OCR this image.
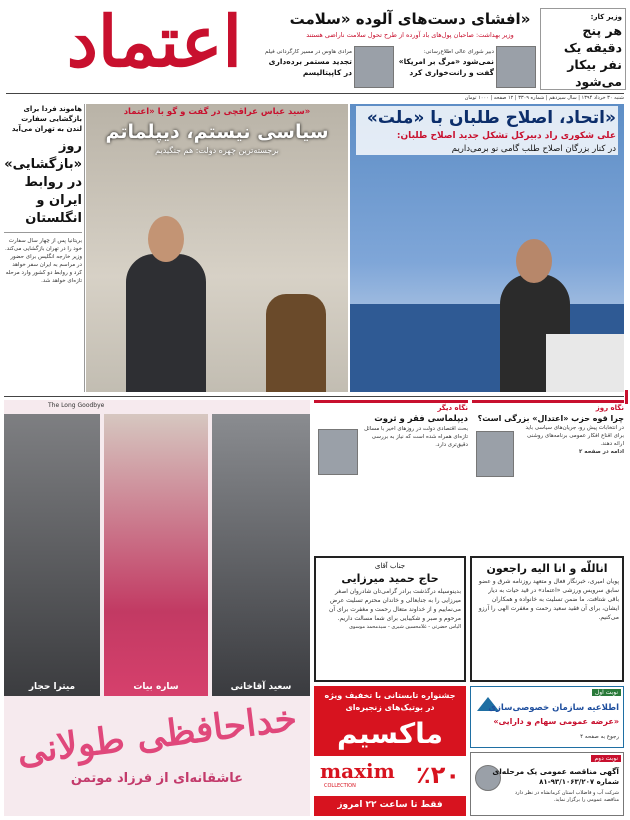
وزیر کار:
هر پنج دقیقه یک نفر بیکار می‌شود
افشای دست‌های آلوده «سلامت»
وزیر بهداشت: صاحبان پول‌های باد آورده از طرح تحول سلامت ناراضی هستند
دبیر شورای عالی اطلاع‌رسانی:
نمی‌شود «مرگ بر امریکا» گفت و رانت‌خواری کرد
مرادی هاوس در مسیر کارگردانی فیلم
تجدید مستمر برده‌داری در کاپیتالیسم
اعتماد
شنبه ۳۰ خرداد ۱۳۹۴ | سال سیزدهم | شماره ۳۳۰۹ | ۱۲ صفحه | ۱۰۰۰ تومان
«اتحاد، اصلاح طلبان با «ملت»
علی شکوری راد دبیرکل تشکل جدید اصلاح طلبان:
در کنار بزرگان اصلاح طلب گامی نو برمی‌داریم
سید عباس عراقچی در گفت و گو با «اعتماد»
سیاسی نیستم، دیپلماتم
برجسته‌ترین چهره دولت: هم جنگیدیم
هاموند فردا برای بازگشایی سفارت لندن به تهران می‌آید
روز «بازگشایی» در روابط ایران و انگلستان
بریتانیا پس از چهار سال سفارت خود را در تهران بازگشایی می‌کند. وزیر خارجه انگلیس برای حضور در مراسم به ایران سفر خواهد کرد و روابط دو کشور وارد مرحله تازه‌ای خواهد شد.
The Long Goodbye
میترا حجار	ساره بیات	سعید آقاخانی
خداحافظی طولانی
عاشقانه‌ای از فرزاد موتمن
نگاه دیگر
دیپلماسی فقر و ثروت
بحث اقتصادی دولت در روزهای اخیر با مسائل تازه‌ای همراه شده است که نیاز به بررسی دقیق‌تری دارد.
نگاه روز
چرا قوه حزب «اعتدال» بزرگی است؟
در انتخابات پیش رو، جریان‌های سیاسی باید برای اقناع افکار عمومی برنامه‌های روشنی ارائه دهند.
ادامه در صفحه ۲
اناللّه و انا الیه راجعون
پویان امیری، خبرنگار فعال و متعهد روزنامه شرق و عضو سابق سرویس ورزشی «اعتماد» در قید حیات به دیار باقی شتافت. ما ضمن تسلیت به خانواده و همکاران ایشان، برای آن فقید سعید رحمت و مغفرت الهی را آرزو می‌کنیم.
جناب آقای
حاج حمید میرزایی
بدینوسیله درگذشت برادر گرامی‌تان شادروان اصغر میرزایی را به جنابعالی و خاندان محترم تسلیت عرض می‌نماییم و از خداوند متعال رحمت و مغفرت برای آن مرحوم و صبر و شکیبایی برای شما مسالت داریم.
الیاس حضرتی - غلامحسین شیری - سیدمحمد موسوی
نوبت اول
اطلاعیه سازمان خصوصی‌سازی
«عرضه عمومی سهام و دارایی»
رجوع به صفحه ۴
نوبت دوم
آگهی مناقصه عمومی یک مرحله‌ای
شماره ۹۳/۱۰۶۳/۲۰۷-۸۱
شرکت آب و فاضلاب استان کرمانشاه در نظر دارد مناقصه عمومی را برگزار نماید.
جشنواره تابستانی با تخفیف ویژه
در بوتیک‌های زنجیره‌ای
ماکسیم
maxim
COLLECTION	٪۲۰
فقط تا ساعت ۲۲ امروز
